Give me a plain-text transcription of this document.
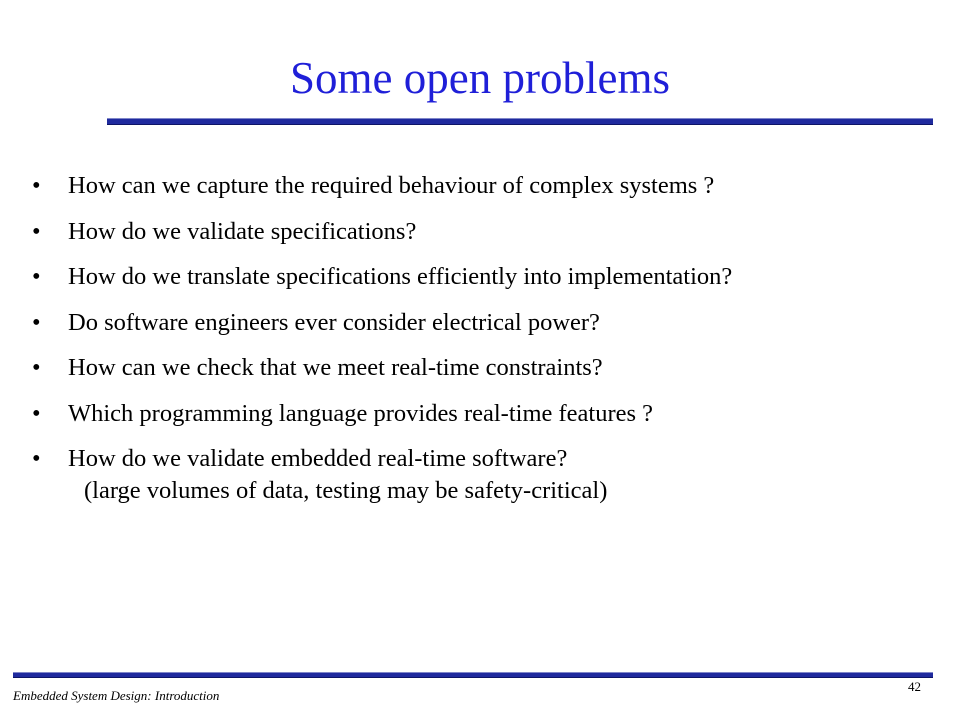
Some open problems
• How can we capture the required behaviour of complex systems ?
• How do we validate specifications?
• How do we translate specifications efficiently into implementation?
• Do software engineers ever consider electrical power?
• How can we check that we meet real-time constraints?
• Which programming language provides real-time features ?
• How do we validate embedded real-time software?
(large volumes of data, testing may be safety-critical)
Embedded System Design: Introduction
42
